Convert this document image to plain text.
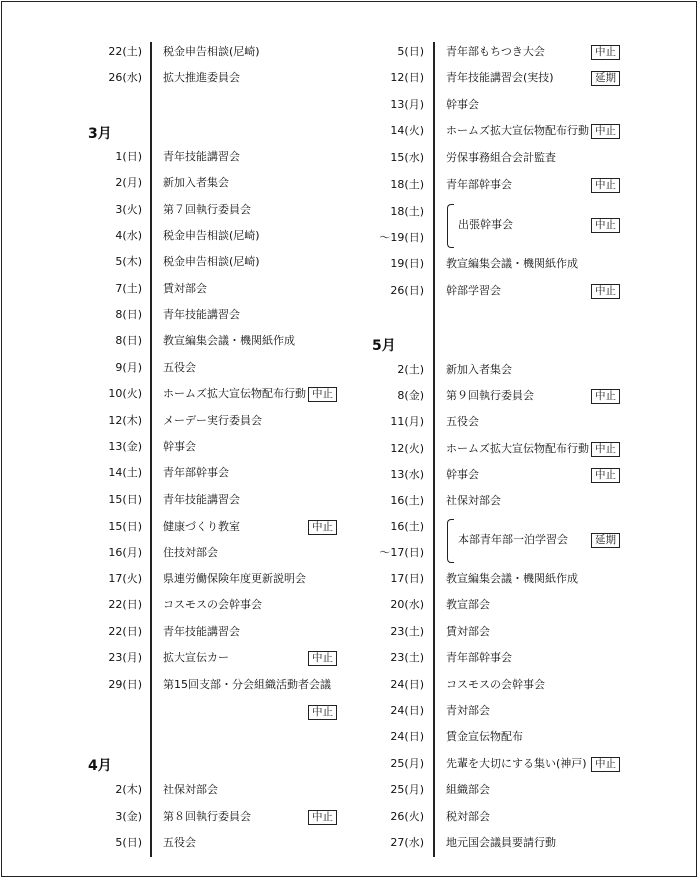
3月
4月
5月
22(土) 税金申告相談(尼崎)
26(水) 拡大推進委員会
1(日) 青年技能講習会
2(月) 新加入者集会
3(火) 第７回執行委員会
4(水) 税金申告相談(尼崎)
5(木) 税金申告相談(尼崎)
7(土) 賃対部会
8(日) 青年技能講習会
8(日) 教宣編集会議・機関紙作成
9(月) 五役会
10(火) ホームズ拡大宣伝物配布行動 中止
12(木) メーデー実行委員会
13(金) 幹事会
14(土) 青年部幹事会
15(日) 青年技能講習会
15(日) 健康づくり教室	中止
16(月) 住技対部会
17(火) 県連労働保険年度更新説明会
22(日) コスモスの会幹事会
22(日) 青年技能講習会
23(月) 拡大宣伝カー	中止
29(日) 第15回支部・分会組織活動者会議
中止
2(木) 社保対部会
3(金) 第８回執行委員会	中止
5(日) 五役会
5(日) 青年部もちつき大会	中止
12(日) 青年技能講習会(実技)	延期
13(月) 幹事会
14(火) ホームズ拡大宣伝物配布行動 中止
15(水) 労保事務組合会計監査
18(土) 青年部幹事会	中止
18(土)
～19(日)
出張幹事会	中止
19(日) 教宣編集会議・機関紙作成
26(日) 幹部学習会	中止
2(土) 新加入者集会
8(金) 第９回執行委員会	中止
11(月) 五役会
12(火) ホームズ拡大宣伝物配布行動 中止
13(水) 幹事会	中止
16(土) 社保対部会
16(土)
～17(日)
本部青年部一泊学習会	延期
17(日) 教宣編集会議・機関紙作成
20(水) 教宣部会
23(土) 賃対部会
23(土) 青年部幹事会
24(日) コスモスの会幹事会
24(日) 青対部会
24(日) 賃金宣伝物配布
25(月) 先輩を大切にする集い(神戸) 中止
25(月) 組織部会
26(火) 税対部会
27(水) 地元国会議員要請行動
